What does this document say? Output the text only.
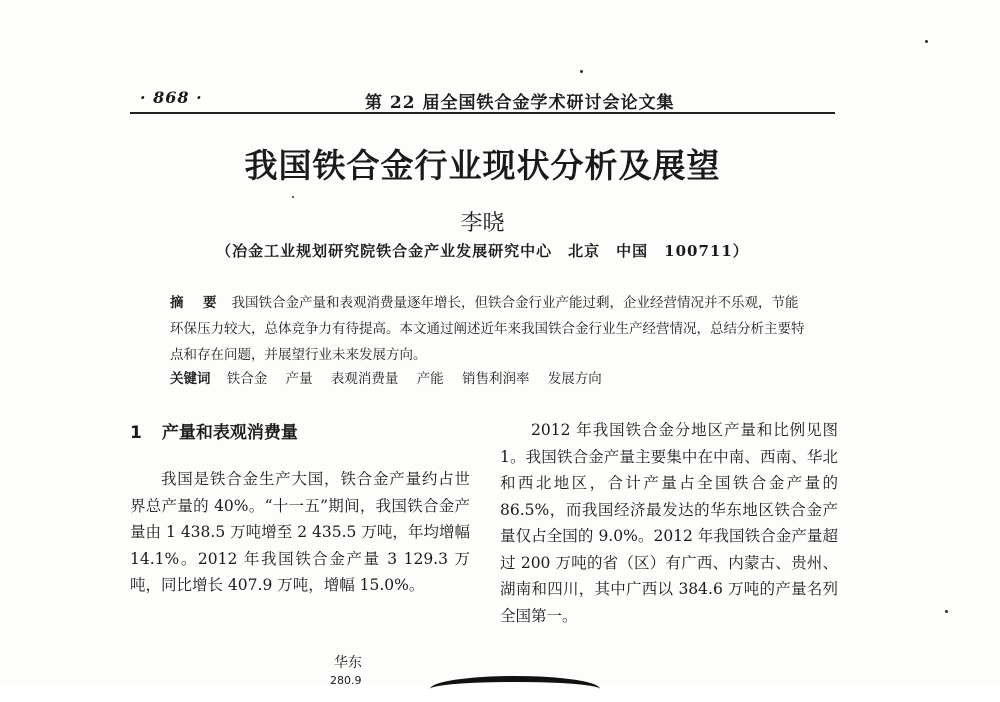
· 868 ·	第 22 届全国铁合金学术研讨会论文集
我国铁合金行业现状分析及展望
李晓
（冶金工业规划研究院铁合金产业发展研究中心　北京　中国　100711）
摘　要 我国铁合金产量和表观消费量逐年增长，但铁合金行业产能过剩，企业经营情况并不乐观，节能环保压力较大，总体竞争力有待提高。本文通过阐述近年来我国铁合金行业生产经营情况，总结分析主要特点和存在问题，并展望行业未来发展方向。
关键词 铁合金 产量 表观消费量 产能 销售利润率 发展方向
1 产量和表观消费量
我国是铁合金生产大国，铁合金产量约占世界总产量的 40%。“十一五”期间，我国铁合金产量由 1 438.5 万吨增至 2 435.5 万吨，年均增幅 14.1%。2012 年我国铁合金产量 3 129.3 万吨，同比增长 407.9 万吨，增幅 15.0%。
2012 年我国铁合金分地区产量和比例见图 1。我国铁合金产量主要集中在中南、西南、华北和西北地区，合计产量占全国铁合金产量的 86.5%，而我国经济最发达的华东地区铁合金产量仅占全国的 9.0%。2012 年我国铁合金产量超过 200 万吨的省（区）有广西、内蒙古、贵州、湖南和四川，其中广西以 384.6 万吨的产量名列全国第一。
华东
280.9
